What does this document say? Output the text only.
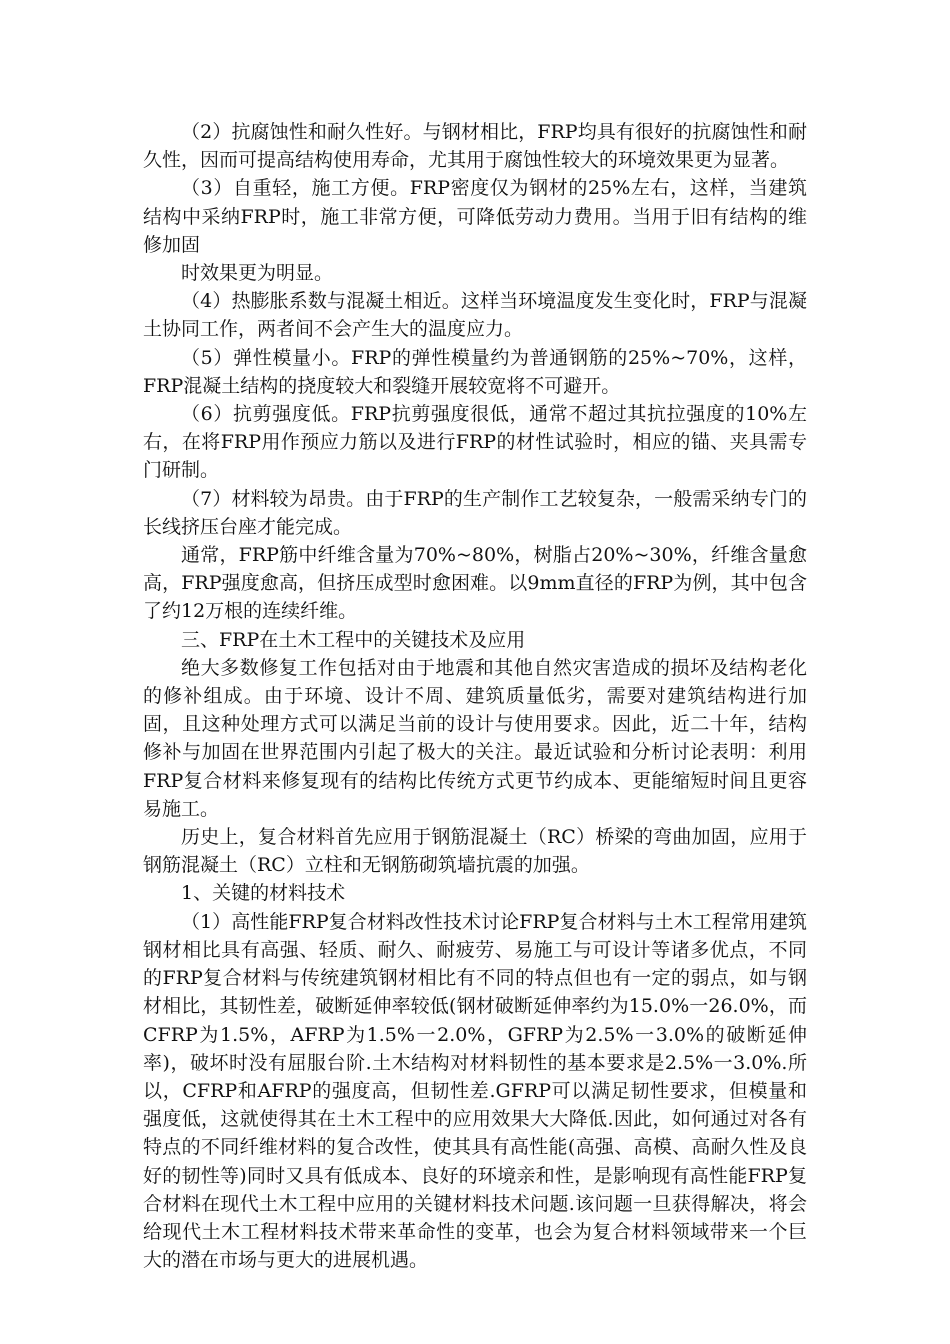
（2）抗腐蚀性和耐久性好。与钢材相比，FRP均具有很好的抗腐蚀性和耐久性，因而可提高结构使用寿命，尤其用于腐蚀性较大的环境效果更为显著。

（3）自重轻，施工方便。FRP密度仅为钢材的25%左右，这样，当建筑结构中采纳FRP时，施工非常方便，可降低劳动力费用。当用于旧有结构的维修加固

时效果更为明显。

（4）热膨胀系数与混凝土相近。这样当环境温度发生变化时，FRP与混凝土协同工作，两者间不会产生大的温度应力。

（5）弹性模量小。FRP的弹性模量约为普通钢筋的25%~70%，这样，FRP混凝土结构的挠度较大和裂缝开展较宽将不可避开。

（6）抗剪强度低。FRP抗剪强度很低，通常不超过其抗拉强度的10%左右，在将FRP用作预应力筋以及进行FRP的材性试验时，相应的锚、夹具需专门研制。

（7）材料较为昂贵。由于FRP的生产制作工艺较复杂，一般需采纳专门的长线挤压台座才能完成。

通常，FRP筋中纤维含量为70%~80%，树脂占20%~30%，纤维含量愈高，FRP强度愈高，但挤压成型时愈困难。以9mm直径的FRP为例，其中包含了约12万根的连续纤维。

三、FRP在土木工程中的关键技术及应用

绝大多数修复工作包括对由于地震和其他自然灾害造成的损坏及结构老化的修补组成。由于环境、设计不周、建筑质量低劣，需要对建筑结构进行加固，且这种处理方式可以满足当前的设计与使用要求。因此，近二十年，结构修补与加固在世界范围内引起了极大的关注。最近试验和分析讨论表明：利用 FRP复合材料来修复现有的结构比传统方式更节约成本、更能缩短时间且更容易施工。

历史上，复合材料首先应用于钢筋混凝土（RC）桥梁的弯曲加固，应用于钢筋混凝土（RC）立柱和无钢筋砌筑墙抗震的加强。

1、关键的材料技术

（1）高性能FRP复合材料改性技术讨论FRP复合材料与土木工程常用建筑钢材相比具有高强、轻质、耐久、耐疲劳、易施工与可设计等诸多优点，不同的FRP复合材料与传统建筑钢材相比有不同的特点但也有一定的弱点，如与钢材相比，其韧性差，破断延伸率较低(钢材破断延伸率约为15.0%一26.0%，而CFRP为1.5%，AFRP为1.5%一2.0%，GFRP为2.5%一3.0%的破断延伸率)，破坏时没有屈服台阶.土木结构对材料韧性的基本要求是2.5%一3.0%.所以，CFRP和AFRP的强度高，但韧性差.GFRP可以满足韧性要求，但模量和强度低，这就使得其在土木工程中的应用效果大大降低.因此，如何通过对各有特点的不同纤维材料的复合改性，使其具有高性能(高强、高模、高耐久性及良好的韧性等)同时又具有低成本、良好的环境亲和性，是影响现有高性能FRP复合材料在现代土木工程中应用的关键材料技术问题.该问题一旦获得解决，将会给现代土木工程材料技术带来革命性的变革，也会为复合材料领域带来一个巨大的潜在市场与更大的进展机遇。
